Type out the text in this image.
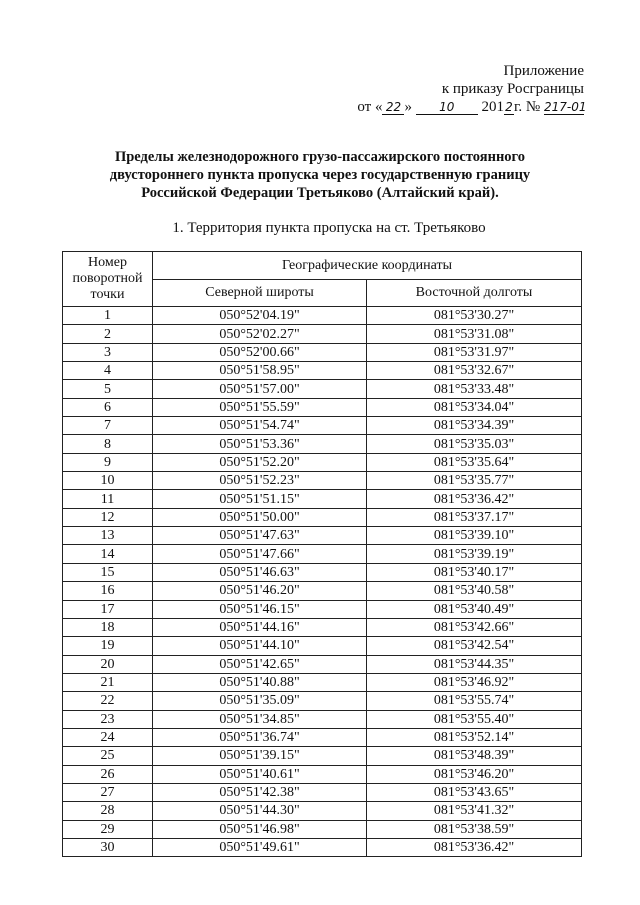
Приложение
к приказу Росграницы
от « 22 » 10 2012г. № 217-01
Пределы железнодорожного грузо-пассажирского постоянного
двустороннего пункта пропуска через государственную границу
Российской Федерации Третьяково (Алтайский край).
1. Территория пункта пропуска на ст. Третьяково
Номер поворотной точки	Географические координаты	
	Северной широты	Восточной долготы
1	050°52'04.19"	081°53'30.27"
2	050°52'02.27"	081°53'31.08"
3	050°52'00.66"	081°53'31.97"
4	050°51'58.95"	081°53'32.67"
5	050°51'57.00"	081°53'33.48"
6	050°51'55.59"	081°53'34.04"
7	050°51'54.74"	081°53'34.39"
8	050°51'53.36"	081°53'35.03"
9	050°51'52.20"	081°53'35.64"
10	050°51'52.23"	081°53'35.77"
11	050°51'51.15"	081°53'36.42"
12	050°51'50.00"	081°53'37.17"
13	050°51'47.63"	081°53'39.10"
14	050°51'47.66"	081°53'39.19"
15	050°51'46.63"	081°53'40.17"
16	050°51'46.20"	081°53'40.58"
17	050°51'46.15"	081°53'40.49"
18	050°51'44.16"	081°53'42.66"
19	050°51'44.10"	081°53'42.54"
20	050°51'42.65"	081°53'44.35"
21	050°51'40.88"	081°53'46.92"
22	050°51'35.09"	081°53'55.74"
23	050°51'34.85"	081°53'55.40"
24	050°51'36.74"	081°53'52.14"
25	050°51'39.15"	081°53'48.39"
26	050°51'40.61"	081°53'46.20"
27	050°51'42.38"	081°53'43.65"
28	050°51'44.30"	081°53'41.32"
29	050°51'46.98"	081°53'38.59"
30	050°51'49.61"	081°53'36.42"
